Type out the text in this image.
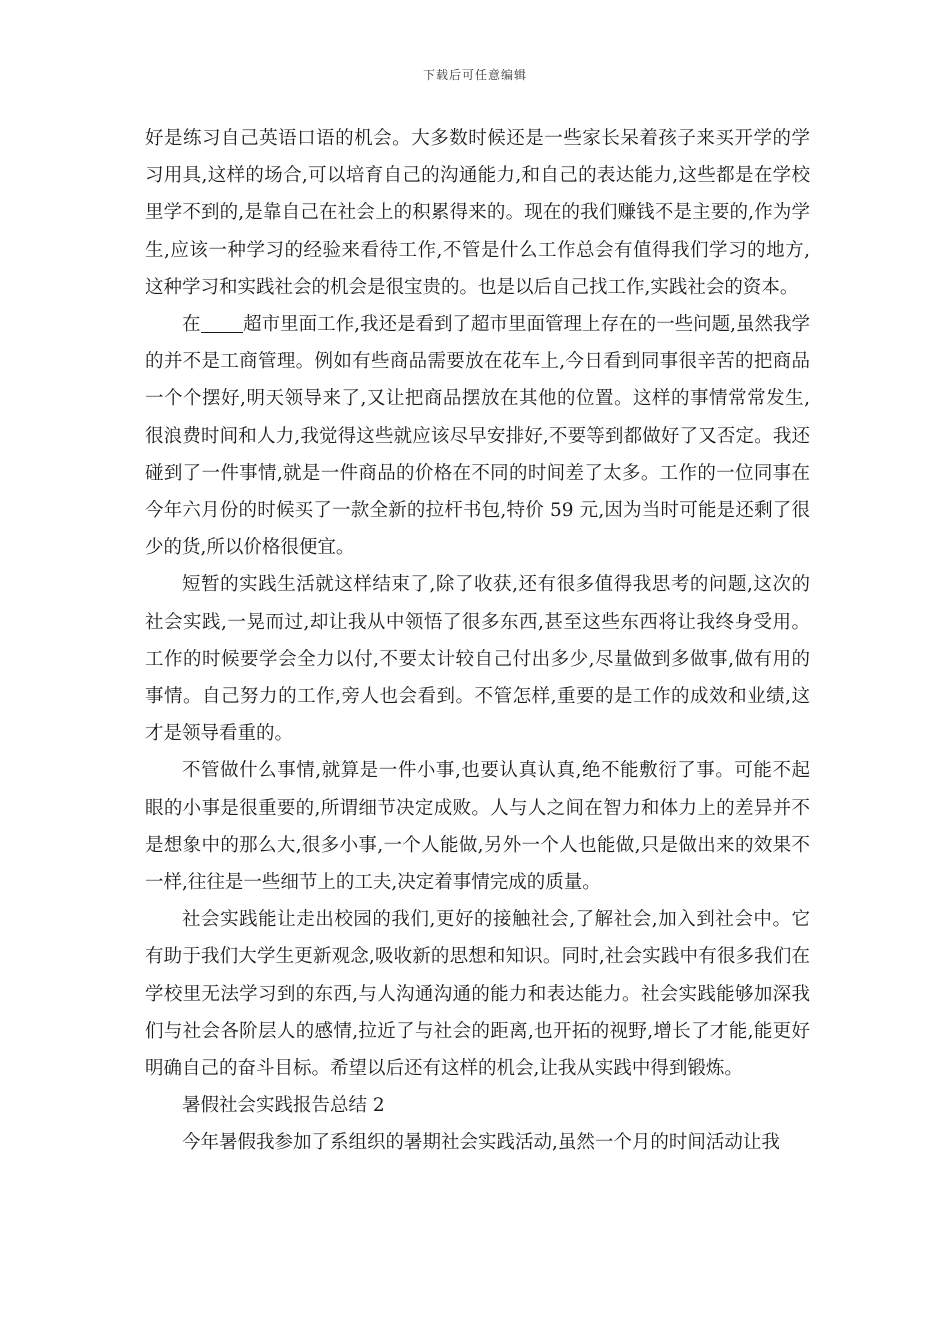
下载后可任意编辑

好是练习自己英语口语的机会。大多数时候还是一些家长呆着孩子来买开学的学习用具,这样的场合,可以培育自己的沟通能力,和自己的表达能力,这些都是在学校里学不到的,是靠自己在社会上的积累得来的。现在的我们赚钱不是主要的,作为学生,应该一种学习的经验来看待工作,不管是什么工作总会有值得我们学习的地方,这种学习和实践社会的机会是很宝贵的。也是以后自己找工作,实践社会的资本。

在 超市里面工作,我还是看到了超市里面管理上存在的一些问题,虽然我学的并不是工商管理。例如有些商品需要放在花车上,今日看到同事很辛苦的把商品一个个摆好,明天领导来了,又让把商品摆放在其他的位置。这样的事情常常发生,很浪费时间和人力,我觉得这些就应该尽早安排好,不要等到都做好了又否定。我还碰到了一件事情,就是一件商品的价格在不同的时间差了太多。工作的一位同事在今年六月份的时候买了一款全新的拉杆书包,特价 59 元,因为当时可能是还剩了很少的货,所以价格很便宜。

短暂的实践生活就这样结束了,除了收获,还有很多值得我思考的问题,这次的社会实践,一晃而过,却让我从中领悟了很多东西,甚至这些东西将让我终身受用。工作的时候要学会全力以付,不要太计较自己付出多少,尽量做到多做事,做有用的事情。自己努力的工作,旁人也会看到。不管怎样,重要的是工作的成效和业绩,这才是领导看重的。

不管做什么事情,就算是一件小事,也要认真认真,绝不能敷衍了事。可能不起眼的小事是很重要的,所谓细节决定成败。人与人之间在智力和体力上的差异并不是想象中的那么大,很多小事,一个人能做,另外一个人也能做,只是做出来的效果不一样,往往是一些细节上的工夫,决定着事情完成的质量。

社会实践能让走出校园的我们,更好的接触社会,了解社会,加入到社会中。它有助于我们大学生更新观念,吸收新的思想和知识。同时,社会实践中有很多我们在学校里无法学习到的东西,与人沟通沟通的能力和表达能力。社会实践能够加深我们与社会各阶层人的感情,拉近了与社会的距离,也开拓的视野,增长了才能,能更好明确自己的奋斗目标。希望以后还有这样的机会,让我从实践中得到锻炼。

暑假社会实践报告总结 2

今年暑假我参加了系组织的暑期社会实践活动,虽然一个月的时间活动让我
